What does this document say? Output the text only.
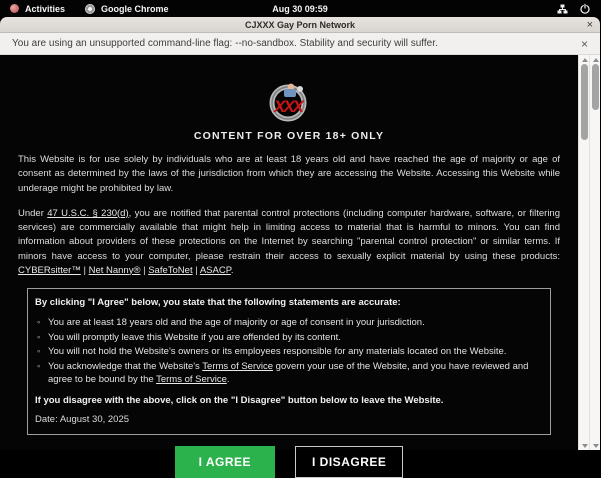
Activities	Google Chrome	Aug 30 09:59
CJXXX Gay Porn Network	×
You are using an unsupported command-line flag: --no-sandbox. Stability and security will suffer.	×
XXX
CONTENT FOR OVER 18+ ONLY

This Website is for use solely by individuals who are at least 18 years old and have reached the age of majority or age of consent as determined by the laws of the jurisdiction from which they are accessing the Website. Accessing this Website while underage might be prohibited by law.

Under 47 U.S.C. § 230(d), you are notified that parental control protections (including computer hardware, software, or filtering services) are commercially available that might help in limiting access to material that is harmful to minors. You can find information about providers of these protections on the Internet by searching "parental control protection" or similar terms. If minors have access to your computer, please restrain their access to sexually explicit material by using these products: CYBERsitter™ | Net Nanny® | SafeToNet | ASACP.

By clicking "I Agree" below, you state that the following statements are accurate:
◦ You are at least 18 years old and the age of majority or age of consent in your jurisdiction.
◦ You will promptly leave this Website if you are offended by its content.
◦ You will not hold the Website's owners or its employees responsible for any materials located on the Website.
◦ You acknowledge that the Website's Terms of Service govern your use of the Website, and you have reviewed and agree to be bound by the Terms of Service.
If you disagree with the above, click on the "I Disagree" button below to leave the Website.
Date: August 30, 2025
I AGREE	I DISAGREE
